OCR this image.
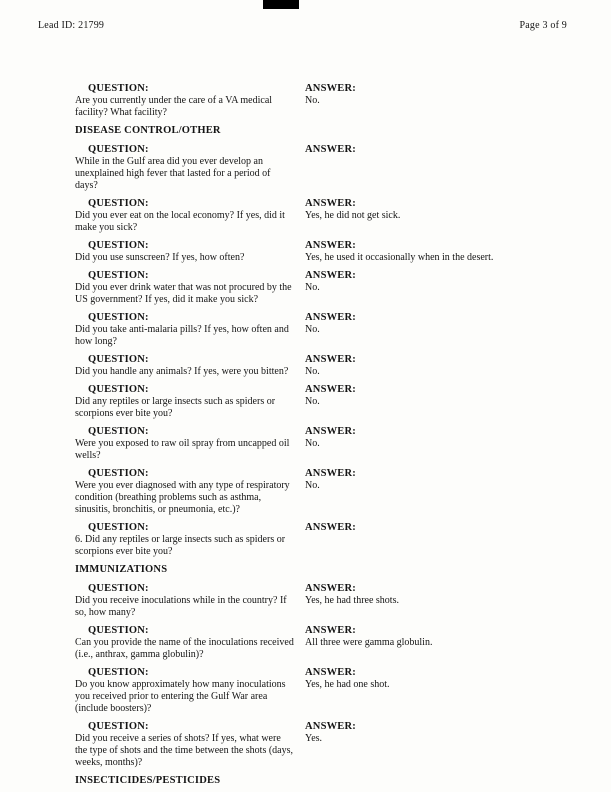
Lead ID: 21799	Page 3 of 9
QUESTION:
Are you currently under the care of a VA medical facility? What facility?
ANSWER:
No.
DISEASE CONTROL/OTHER
QUESTION:
While in the Gulf area did you ever develop an unexplained high fever that lasted for a period of days?
ANSWER:
QUESTION:
Did you ever eat on the local economy? If yes, did it make you sick?
ANSWER:
Yes, he did not get sick.
QUESTION:
Did you use sunscreen? If yes, how often?
ANSWER:
Yes, he used it occasionally when in the desert.
QUESTION:
Did you ever drink water that was not procured by the US government? If yes, did it make you sick?
ANSWER:
No.
QUESTION:
Did you take anti-malaria pills? If yes, how often and how long?
ANSWER:
No.
QUESTION:
Did you handle any animals? If yes, were you bitten?
ANSWER:
No.
QUESTION:
Did any reptiles or large insects such as spiders or scorpions ever bite you?
ANSWER:
No.
QUESTION:
Were you exposed to raw oil spray from uncapped oil wells?
ANSWER:
No.
QUESTION:
Were you ever diagnosed with any type of respiratory condition (breathing problems such as asthma, sinusitis, bronchitis, or pneumonia, etc.)?
ANSWER:
No.
QUESTION:
6. Did any reptiles or large insects such as spiders or scorpions ever bite you?
ANSWER:
IMMUNIZATIONS
QUESTION:
Did you receive inoculations while in the country? If so, how many?
ANSWER:
Yes, he had three shots.
QUESTION:
Can you provide the name of the inoculations received (i.e., anthrax, gamma globulin)?
ANSWER:
All three were gamma globulin.
QUESTION:
Do you know approximately how many inoculations you received prior to entering the Gulf War area (include boosters)?
ANSWER:
Yes, he had one shot.
QUESTION:
Did you receive a series of shots? If yes, what were the type of shots and the time between the shots (days, weeks, months)?
ANSWER:
Yes.
INSECTICIDES/PESTICIDES
